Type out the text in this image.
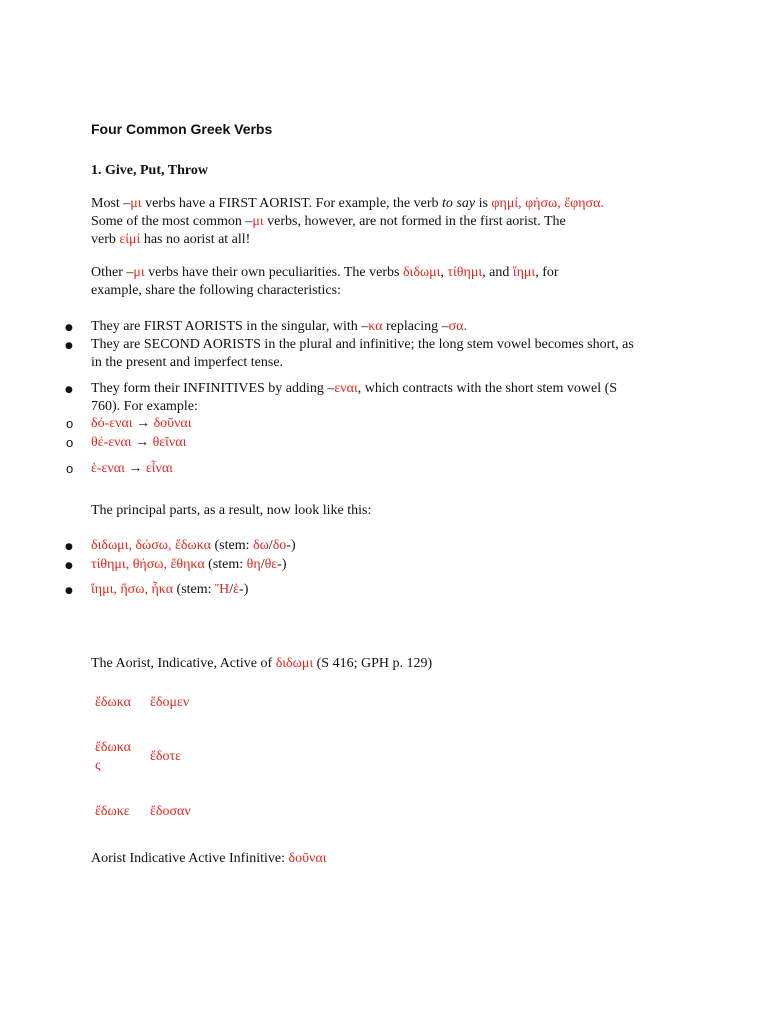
Four Common Greek Verbs
1. Give, Put, Throw
Most –μι verbs have a FIRST AORIST. For example, the verb to say is φημί, φήσω, ἔφησα.
Some of the most common –μι verbs, however, are not formed in the first aorist. The
verb εἰμί has no aorist at all!
Other –μι verbs have their own peculiarities. The verbs διδωμι, τίθημι, and ἵημι, for
example, share the following characteristics:
● They are FIRST AORISTS in the singular, with –κα replacing –σα.
● They are SECOND AORISTS in the plural and infinitive; the long stem vowel becomes short, as
in the present and imperfect tense.
● They form their INFINITIVES by adding –εναι, which contracts with the short stem vowel (S
760). For example:
o δό-εναι → δοῦναι
o θέ-εναι → θεῖναι
o ἑ-εναι → εἷναι
The principal parts, as a result, now look like this:
● διδωμι, δώσω, ἔδωκα (stem: δω/δο-)
● τίθημι, θήσω, ἔθηκα (stem: θη/θε-)
● ἵημι, ἥσω, ἧκα (stem: Ἥ/ἑ-)
The Aorist, Indicative, Active of διδωμι (S 416; GPH p. 129)
ἔδωκα ἔδομεν
ἔδωκα
ς
ἔδοτε
ἔδωκε ἔδοσαν
Aorist Indicative Active Infinitive: δοῦναι
